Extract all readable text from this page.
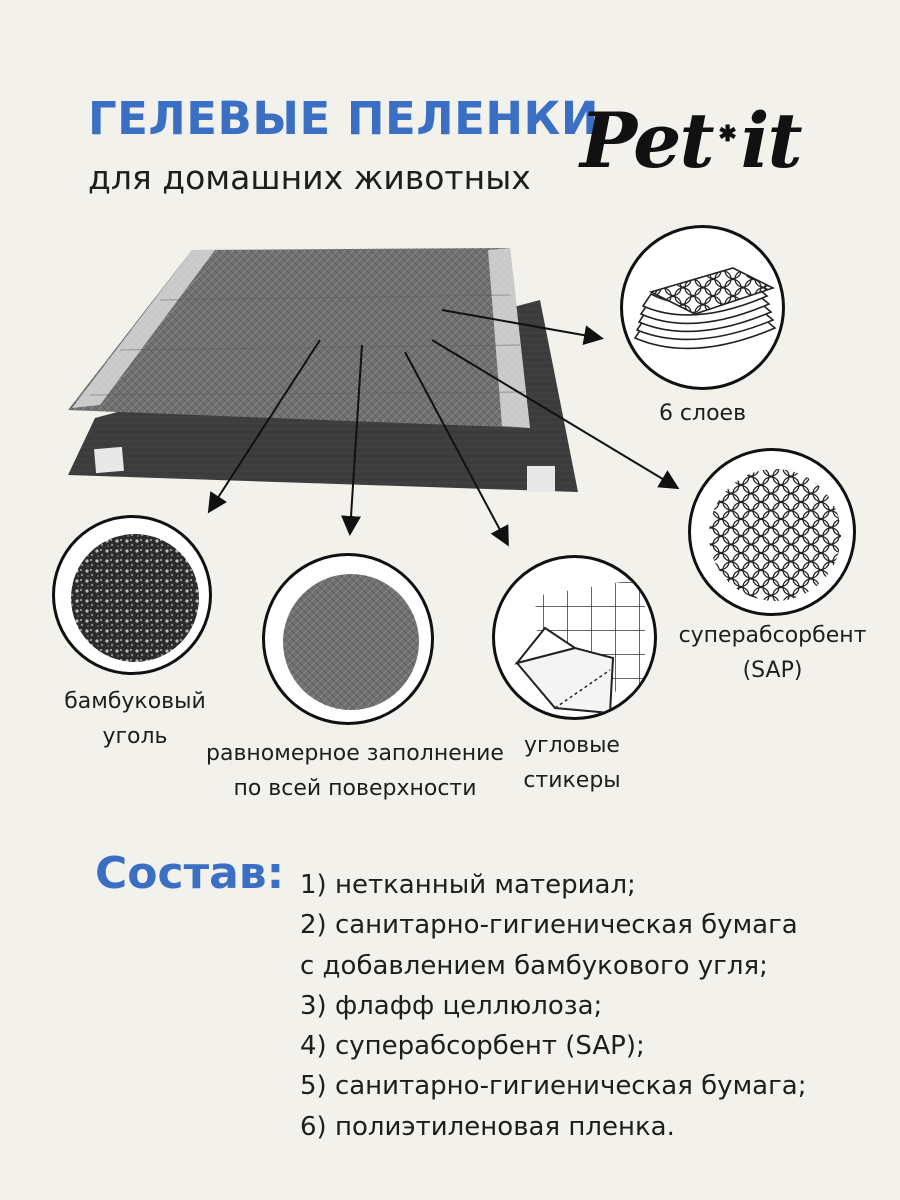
ГЕЛЕВЫЕ ПЕЛЕНКИ
для домашних животных Pet ✱it
6 слоев
суперабсорбент
(SAP)
бамбуковый
уголь
равномерное заполнение
по всей поверхности
угловые
стикеры
Состав: 1) нетканный материал;
2) санитарно-гигиеническая бумага
с добавлением бамбукового угля;
3) флафф целлюлоза;
4) суперабсорбент (SAP);
5) санитарно-гигиеническая бумага;
6) полиэтиленовая пленка.
